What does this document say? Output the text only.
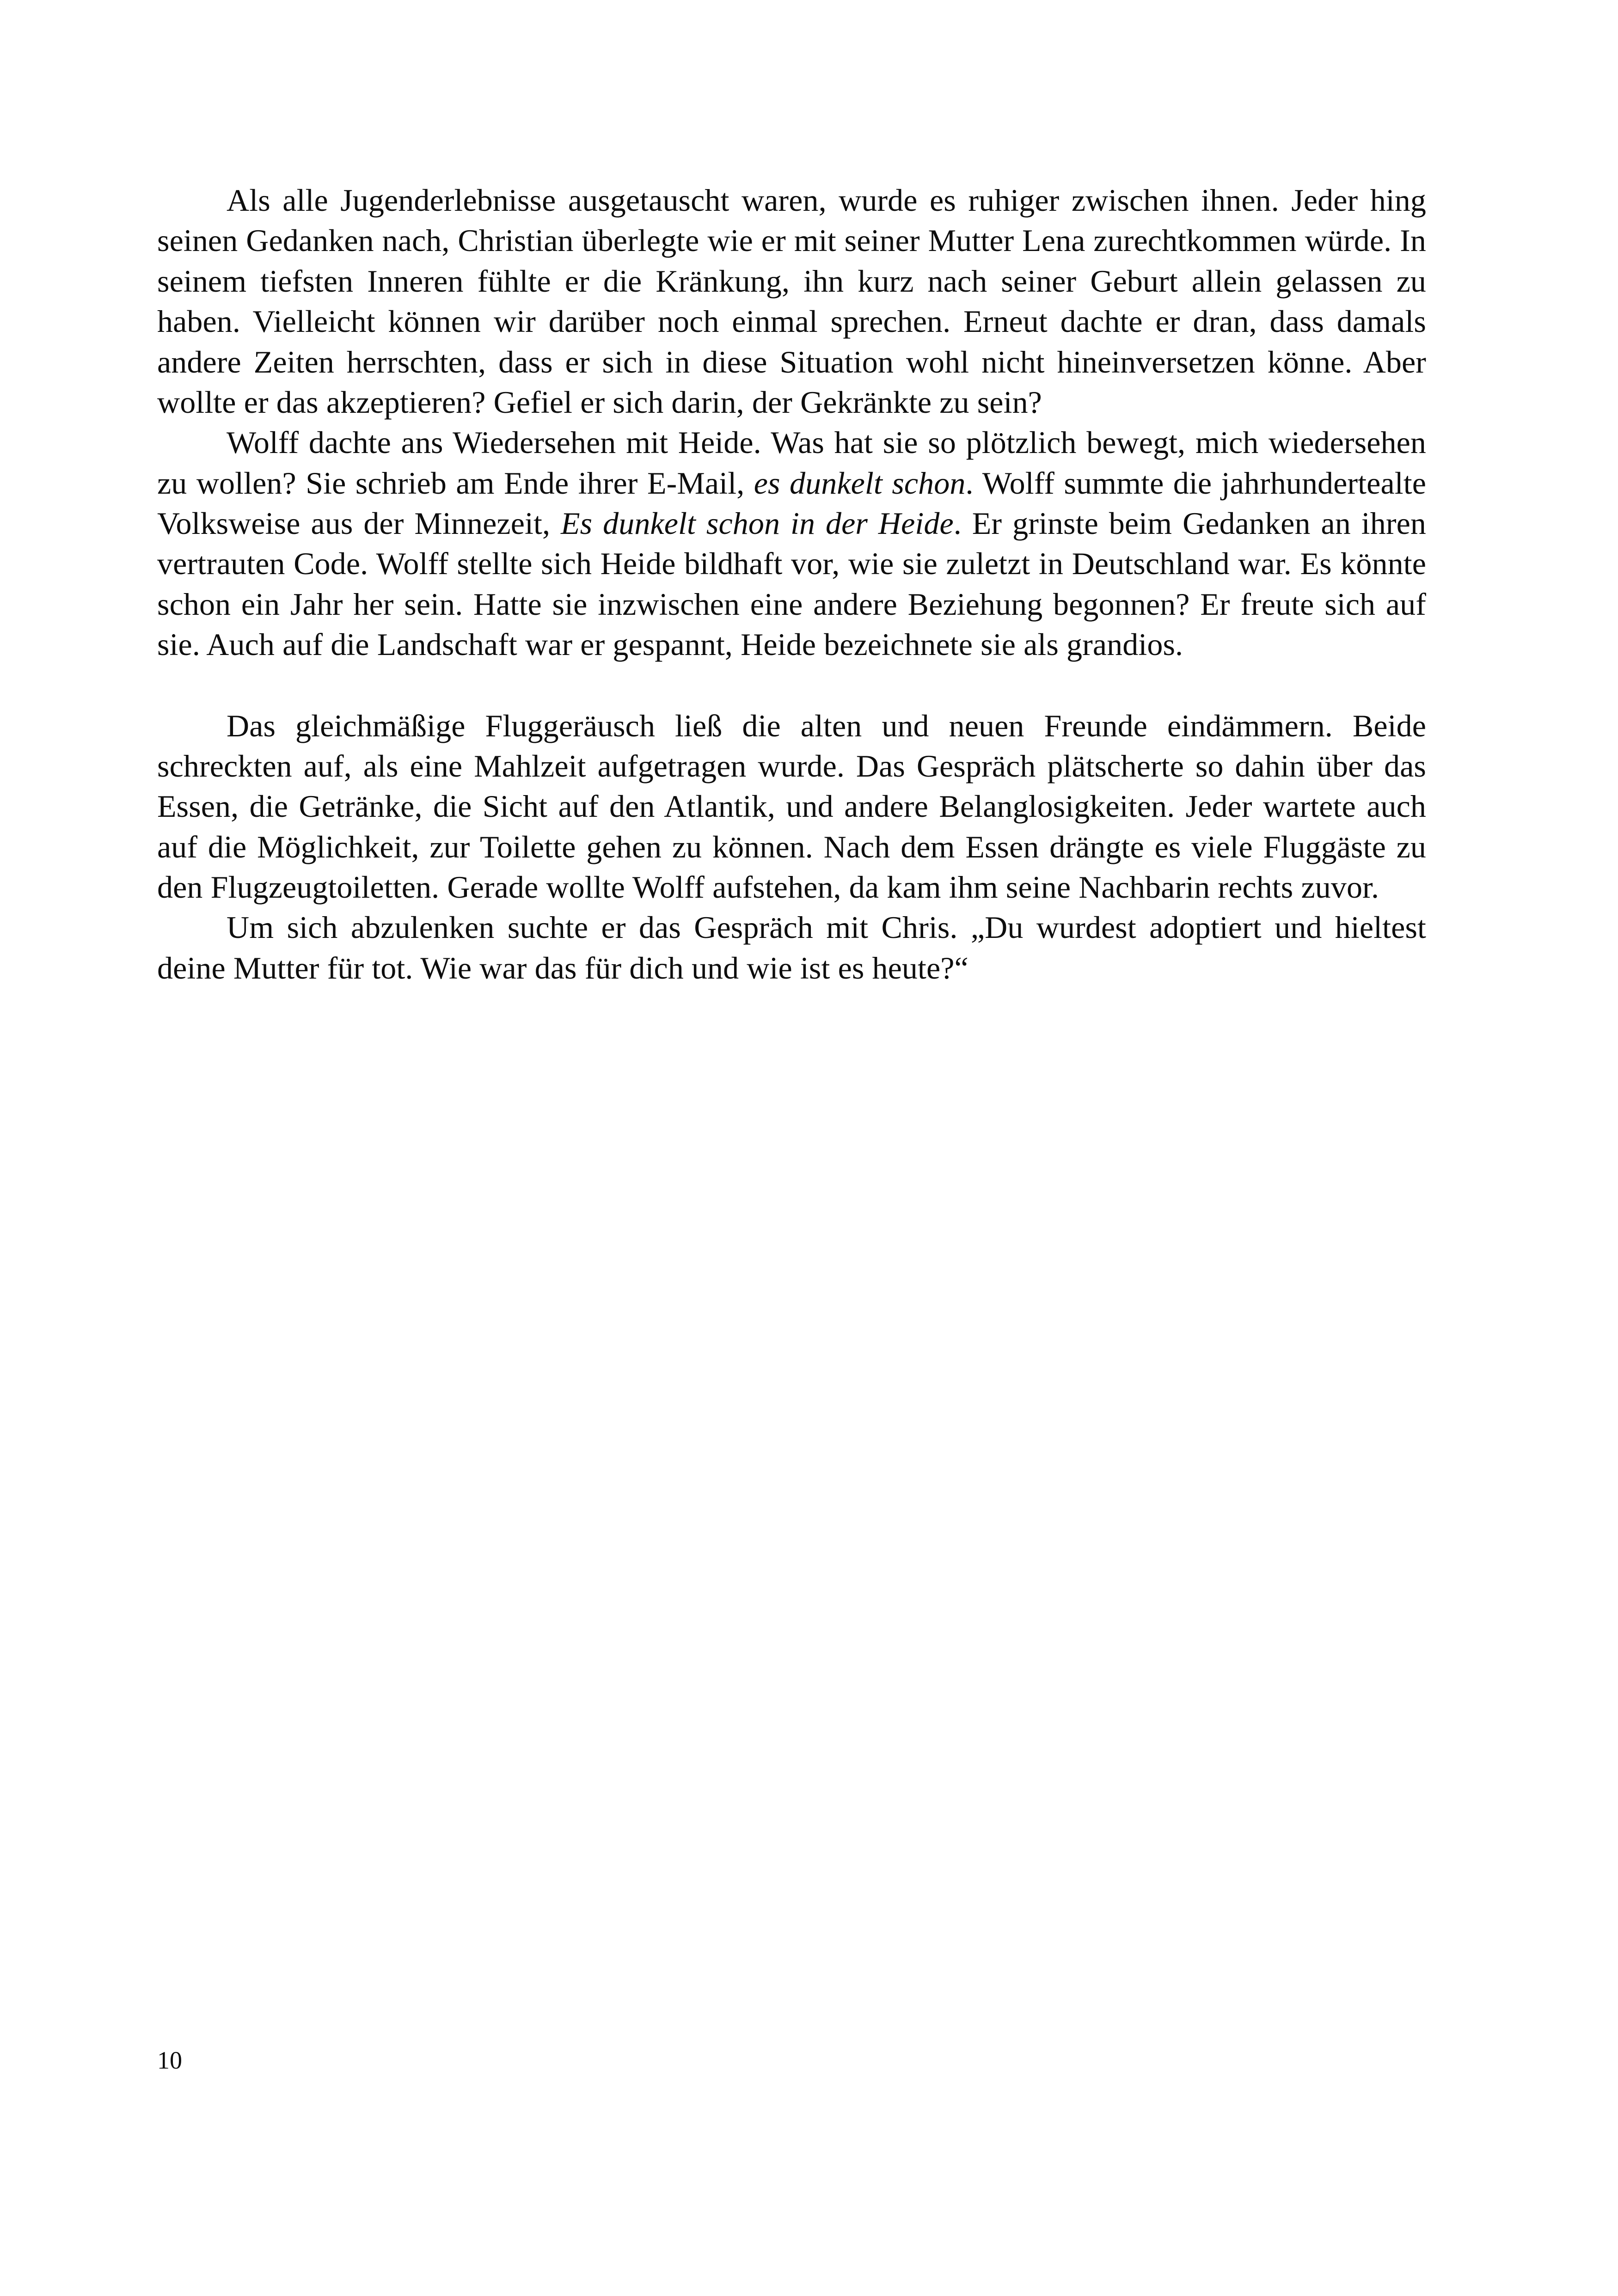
Als alle Jugenderlebnisse ausgetauscht waren, wurde es ruhiger zwischen ihnen. Jeder hing seinen Gedanken nach, Christian überlegte wie er mit seiner Mutter Lena zurechtkommen würde. In seinem tiefsten Inneren fühlte er die Kränkung, ihn kurz nach seiner Geburt allein gelassen zu haben. Vielleicht können wir darüber noch einmal sprechen. Erneut dachte er dran, dass damals andere Zeiten herrschten, dass er sich in diese Situation wohl nicht hineinversetzen könne. Aber wollte er das akzeptieren? Gefiel er sich darin, der Gekränkte zu sein?

Wolff dachte ans Wiedersehen mit Heide. Was hat sie so plötzlich bewegt, mich wiedersehen zu wollen? Sie schrieb am Ende ihrer E-Mail, es dunkelt schon. Wolff summte die jahrhundertealte Volksweise aus der Minnezeit, Es dunkelt schon in der Heide. Er grinste beim Gedanken an ihren vertrauten Code. Wolff stellte sich Heide bildhaft vor, wie sie zuletzt in Deutschland war. Es könnte schon ein Jahr her sein. Hatte sie inzwischen eine andere Beziehung begonnen? Er freute sich auf sie. Auch auf die Landschaft war er gespannt, Heide bezeichnete sie als grandios.

Das gleichmäßige Fluggeräusch ließ die alten und neuen Freunde eindämmern. Beide schreckten auf, als eine Mahlzeit aufgetragen wurde. Das Gespräch plätscherte so dahin über das Essen, die Getränke, die Sicht auf den Atlantik, und andere Belanglosigkeiten. Jeder wartete auch auf die Möglichkeit, zur Toilette gehen zu können. Nach dem Essen drängte es viele Fluggäste zu den Flugzeugtoiletten. Gerade wollte Wolff aufstehen, da kam ihm seine Nachbarin rechts zuvor.

Um sich abzulenken suchte er das Gespräch mit Chris. „Du wurdest adoptiert und hieltest deine Mutter für tot. Wie war das für dich und wie ist es heute?“

10
